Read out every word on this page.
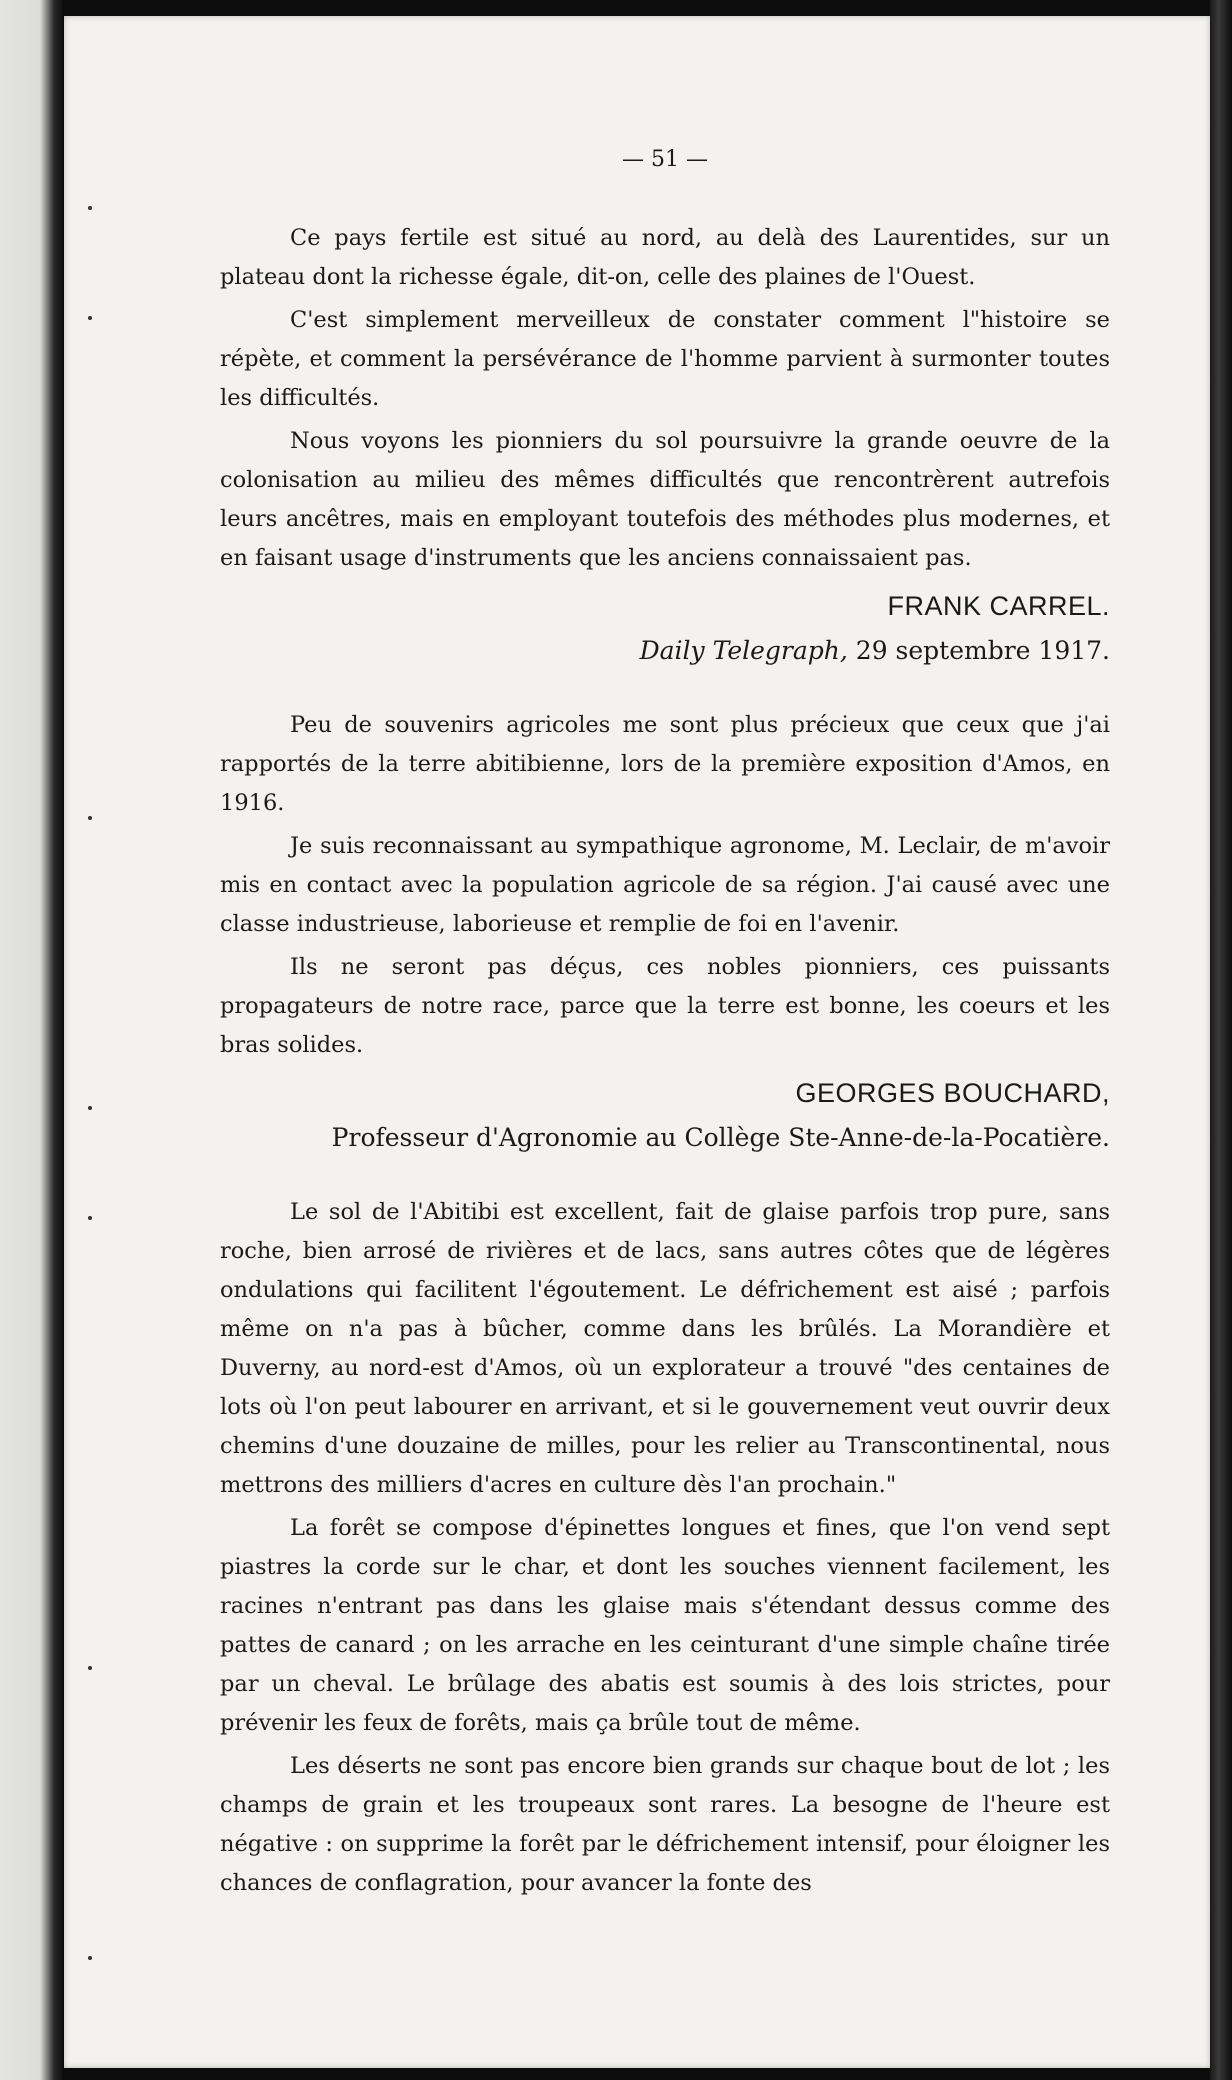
— 51 —

Ce pays fertile est situé au nord, au delà des Laurentides, sur un plateau dont la richesse égale, dit-on, celle des plaines de l'Ouest.

C'est simplement merveilleux de constater comment l"histoire se répète, et comment la persévérance de l'homme parvient à surmonter toutes les difficultés.

Nous voyons les pionniers du sol poursuivre la grande oeuvre de la colonisation au milieu des mêmes difficultés que rencontrèrent autrefois leurs ancêtres, mais en employant toutefois des méthodes plus modernes, et en faisant usage d'instruments que les anciens connaissaient pas.

FRANK CARREL.

Daily Telegraph, 29 septembre 1917.

Peu de souvenirs agricoles me sont plus précieux que ceux que j'ai rapportés de la terre abitibienne, lors de la première exposition d'Amos, en 1916.

Je suis reconnaissant au sympathique agronome, M. Leclair, de m'avoir mis en contact avec la population agricole de sa région. J'ai causé avec une classe industrieuse, laborieuse et remplie de foi en l'avenir.

Ils ne seront pas déçus, ces nobles pionniers, ces puissants propagateurs de notre race, parce que la terre est bonne, les coeurs et les bras solides.

GEORGES BOUCHARD,

Professeur d'Agronomie au Collège Ste-Anne-de-la-Pocatière.

Le sol de l'Abitibi est excellent, fait de glaise parfois trop pure, sans roche, bien arrosé de rivières et de lacs, sans autres côtes que de légères ondulations qui facilitent l'égoutement. Le défrichement est aisé ; parfois même on n'a pas à bûcher, comme dans les brûlés. La Morandière et Duverny, au nord-est d'Amos, où un explorateur a trouvé "des centaines de lots où l'on peut labourer en arrivant, et si le gouvernement veut ouvrir deux chemins d'une douzaine de milles, pour les relier au Transcontinental, nous mettrons des milliers d'acres en culture dès l'an prochain."

La forêt se compose d'épinettes longues et fines, que l'on vend sept piastres la corde sur le char, et dont les souches viennent facilement, les racines n'entrant pas dans les glaise mais s'étendant dessus comme des pattes de canard ; on les arrache en les ceinturant d'une simple chaîne tirée par un cheval. Le brûlage des abatis est soumis à des lois strictes, pour prévenir les feux de forêts, mais ça brûle tout de même.

Les déserts ne sont pas encore bien grands sur chaque bout de lot ; les champs de grain et les troupeaux sont rares. La besogne de l'heure est négative : on supprime la forêt par le défrichement intensif, pour éloigner les chances de conflagration, pour avancer la fonte des
